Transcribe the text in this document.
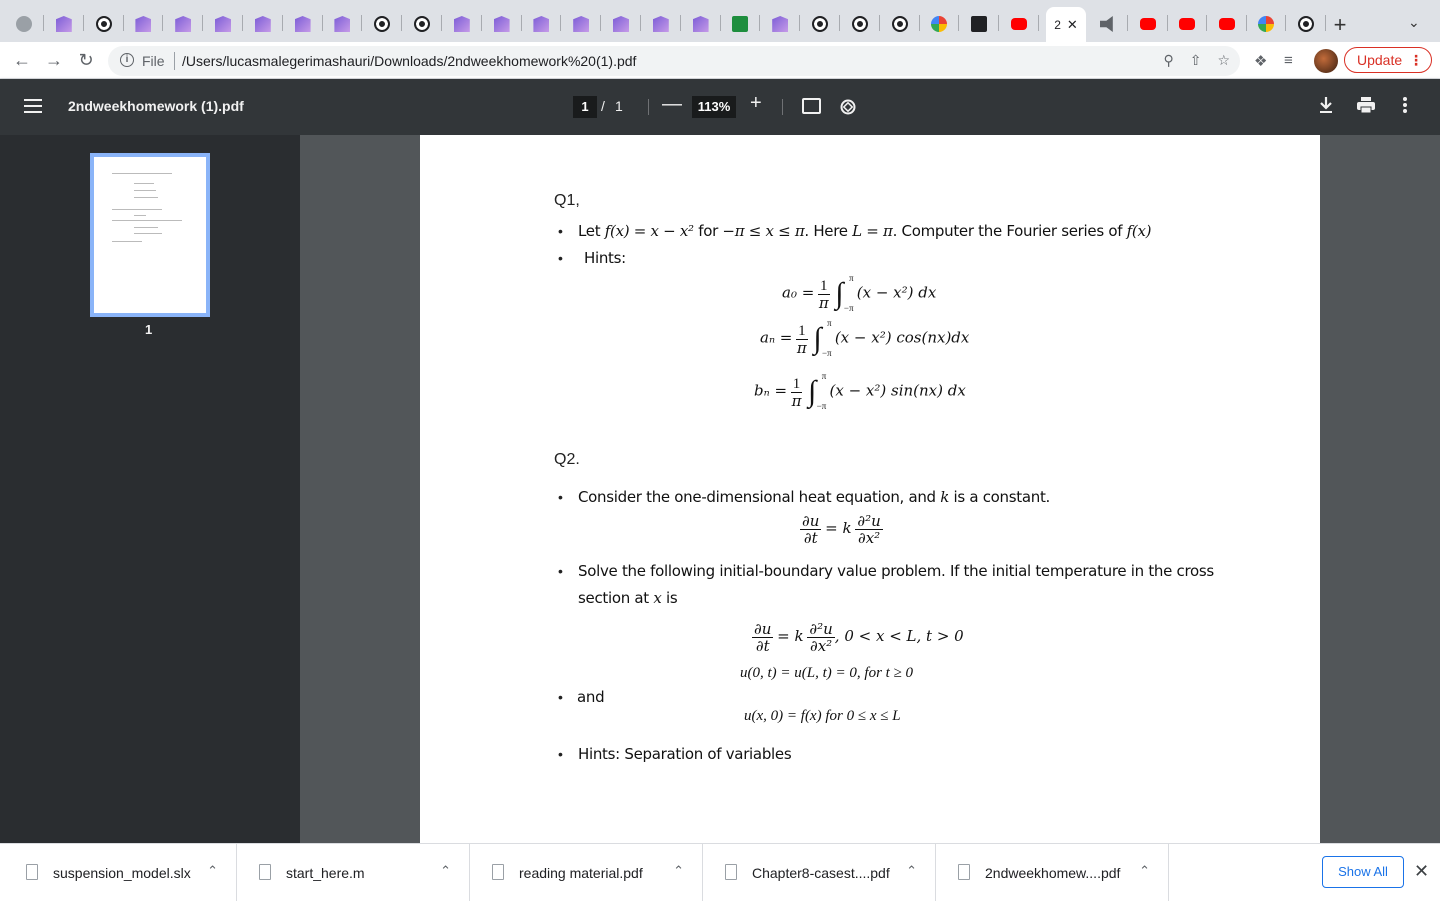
2 ✕	+	⌄
← → ↻	i File /Users/lucasmalegerimashauri/Downloads/2ndweekhomework%20(1).pdf	⚲ ⇧ ☆ ❖ ≡	Update ⋮
2ndweekhomework (1).pdf	1 / 1 —	113% +
1
Q1,
• Let f(x) = x − x² for −π ≤ x ≤ π. Here L = π. Computer the Fourier series of f(x)
• Hints:
$a_0 = \frac{1}{\pi}$ ∫ π
−π
(x − x²) dx
$a_n = \frac{1}{\pi}$ ∫ π
−π
(x − x²) cos(nx)dx
$b_n = \frac{1}{\pi}$ ∫ π
−π
(x − x²) sin(nx) dx
Q2.
• Consider the one-dimensional heat equation, and k is a constant.
$\frac{\partial u}{\partial t} = k \frac{\text{∂²u}}{\text{∂x²}}$
• Solve the following initial-boundary value problem. If the initial temperature in the cross
section at x is
$\frac{\partial u}{\partial t} = k \frac{\text{∂²u}}{\text{∂x²}}$ , 0 < x < L, t > 0
u(0, t) = u(L, t) = 0, for t ≥ 0
• and
u(x, 0) = f(x) for 0 ≤ x ≤ L
• Hints: Separation of variables
suspension_model.slx ⌃	start_here.m	⌃	reading material.pdf ⌃	Chapter8-casest....pdf ⌃	2ndweekhomew....pdf ⌃	Show All	✕
